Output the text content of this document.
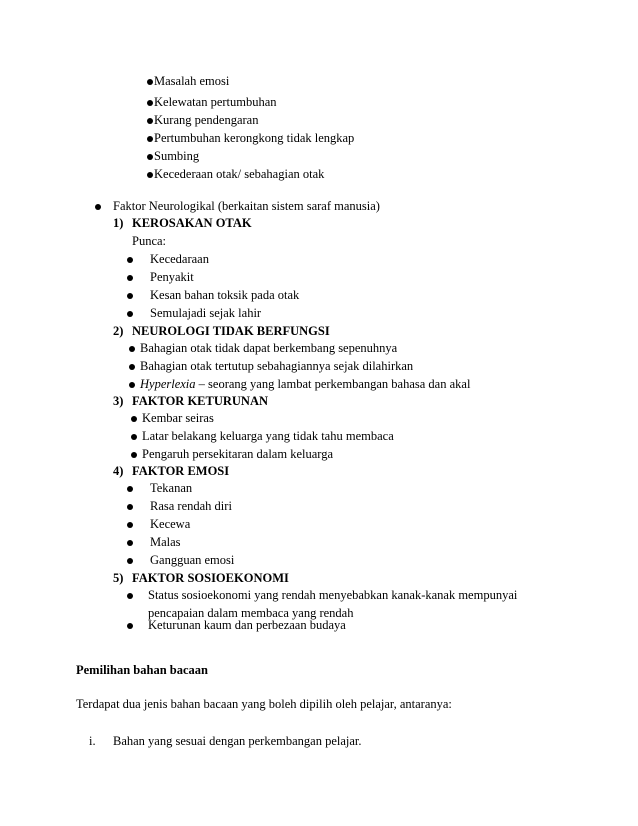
Masalah emosi
Kelewatan pertumbuhan
Kurang pendengaran
Pertumbuhan kerongkong tidak lengkap
Sumbing
Kecederaan otak/ sebahagian otak
Faktor Neurologikal (berkaitan sistem saraf manusia)
1) KEROSAKAN OTAK
Punca:
Kecedaraan
Penyakit
Kesan bahan toksik pada otak
Semulajadi sejak lahir
2) NEUROLOGI TIDAK BERFUNGSI
Bahagian otak tidak dapat berkembang sepenuhnya
Bahagian otak tertutup sebahagiannya sejak dilahirkan
Hyperlexia – seorang yang lambat perkembangan bahasa dan akal
3) FAKTOR KETURUNAN
Kembar seiras
Latar belakang keluarga yang tidak tahu membaca
Pengaruh persekitaran dalam keluarga
4) FAKTOR EMOSI
Tekanan
Rasa rendah diri
Kecewa
Malas
Gangguan emosi
5) FAKTOR SOSIOEKONOMI
Status sosioekonomi yang rendah menyebabkan kanak-kanak mempunyai
pencapaian dalam membaca yang rendah
Keturunan kaum dan perbezaan budaya
Pemilihan bahan bacaan
Terdapat dua jenis bahan bacaan yang boleh dipilih oleh pelajar, antaranya:
i. Bahan yang sesuai dengan perkembangan pelajar.
